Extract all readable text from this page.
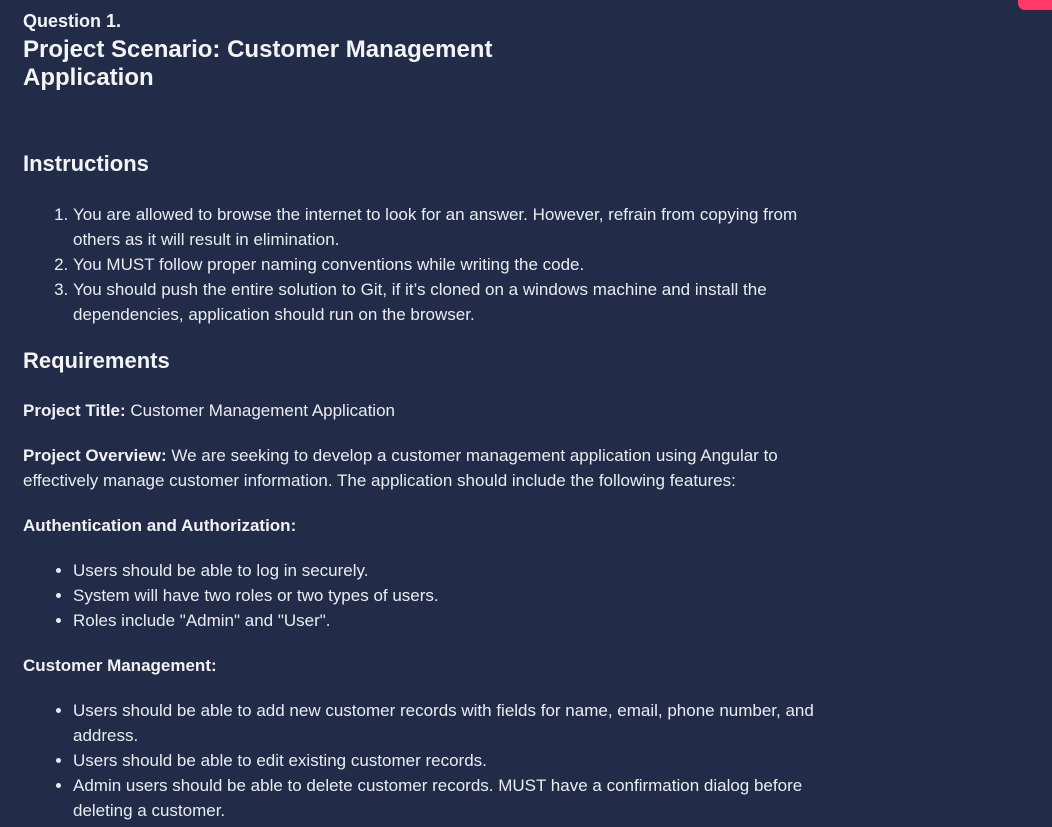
Question 1.
Project Scenario: Customer Management Application
Instructions
1. You are allowed to browse the internet to look for an answer. However, refrain from copying from others as it will result in elimination.
2. You MUST follow proper naming conventions while writing the code.
3. You should push the entire solution to Git, if it’s cloned on a windows machine and install the dependencies, application should run on the browser.
Requirements

Project Title: Customer Management Application

Project Overview: We are seeking to develop a customer management application using Angular to effectively manage customer information. The application should include the following features:

Authentication and Authorization:

• Users should be able to log in securely.
• System will have two roles or two types of users.
• Roles include "Admin" and "User".

Customer Management:

• Users should be able to add new customer records with fields for name, email, phone number, and address.
• Users should be able to edit existing customer records.
• Admin users should be able to delete customer records. MUST have a confirmation dialog before deleting a customer.
